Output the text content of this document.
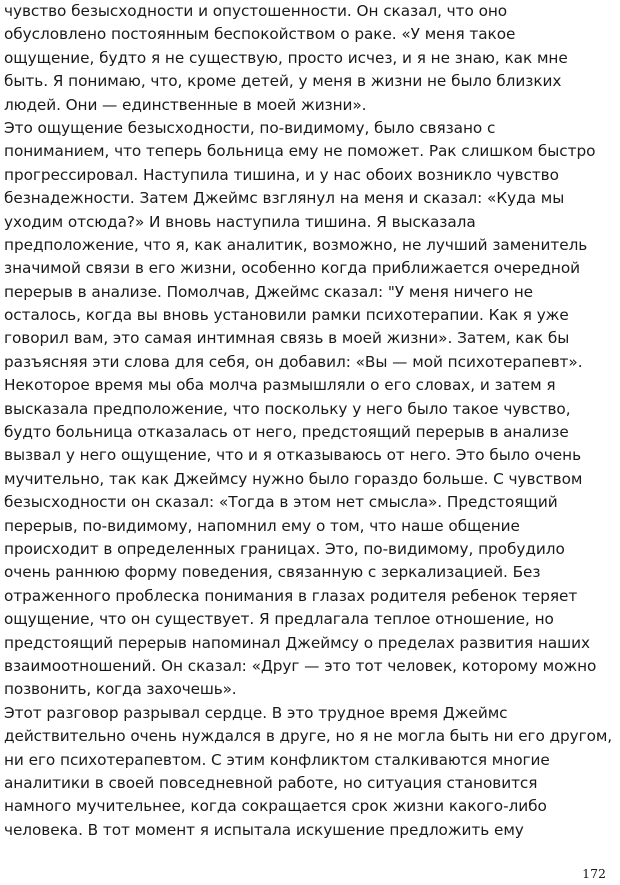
чувство безысходности и опустошенности. Он сказал, что оно
обусловлено постоянным беспокойством о раке. «У меня такое
ощущение, будто я не существую, просто исчез, и я не знаю, как мне
быть. Я понимаю, что, кроме детей, у меня в жизни не было близких
людей. Они — единственные в моей жизни».
Это ощущение безысходности, по-видимому, было связано с
пониманием, что теперь больница ему не поможет. Рак слишком быстро
прогрессировал. Наступила тишина, и у нас обоих возникло чувство
безнадежности. Затем Джеймс взглянул на меня и сказал: «Куда мы
уходим отсюда?» И вновь наступила тишина. Я высказала
предположение, что я, как аналитик, возможно, не лучший заменитель
значимой связи в его жизни, особенно когда приближается очередной
перерыв в анализе. Помолчав, Джеймс сказал: "У меня ничего не
осталось, когда вы вновь установили рамки психотерапии. Как я уже
говорил вам, это самая интимная связь в моей жизни». Затем, как бы
разъясняя эти слова для себя, он добавил: «Вы — мой психотерапевт».
Некоторое время мы оба молча размышляли о его словах, и затем я
высказала предположение, что поскольку у него было такое чувство,
будто больница отказалась от него, предстоящий перерыв в анализе
вызвал у него ощущение, что и я отказываюсь от него. Это было очень
мучительно, так как Джеймсу нужно было гораздо больше. С чувством
безысходности он сказал: «Тогда в этом нет смысла». Предстоящий
перерыв, по-видимому, напомнил ему о том, что наше общение
происходит в определенных границах. Это, по-видимому, пробудило
очень раннюю форму поведения, связанную с зеркализацией. Без
отраженного проблеска понимания в глазах родителя ребенок теряет
ощущение, что он существует. Я предлагала теплое отношение, но
предстоящий перерыв напоминал Джеймсу о пределах развития наших
взаимоотношений. Он сказал: «Друг — это тот человек, которому можно
позвонить, когда захочешь».
Этот разговор разрывал сердце. В это трудное время Джеймс
действительно очень нуждался в друге, но я не могла быть ни его другом,
ни его психотерапевтом. С этим конфликтом сталкиваются многие
аналитики в своей повседневной работе, но ситуация становится
намного мучительнее, когда сокращается срок жизни какого-либо
человека. В тот момент я испытала искушение предложить ему
172
